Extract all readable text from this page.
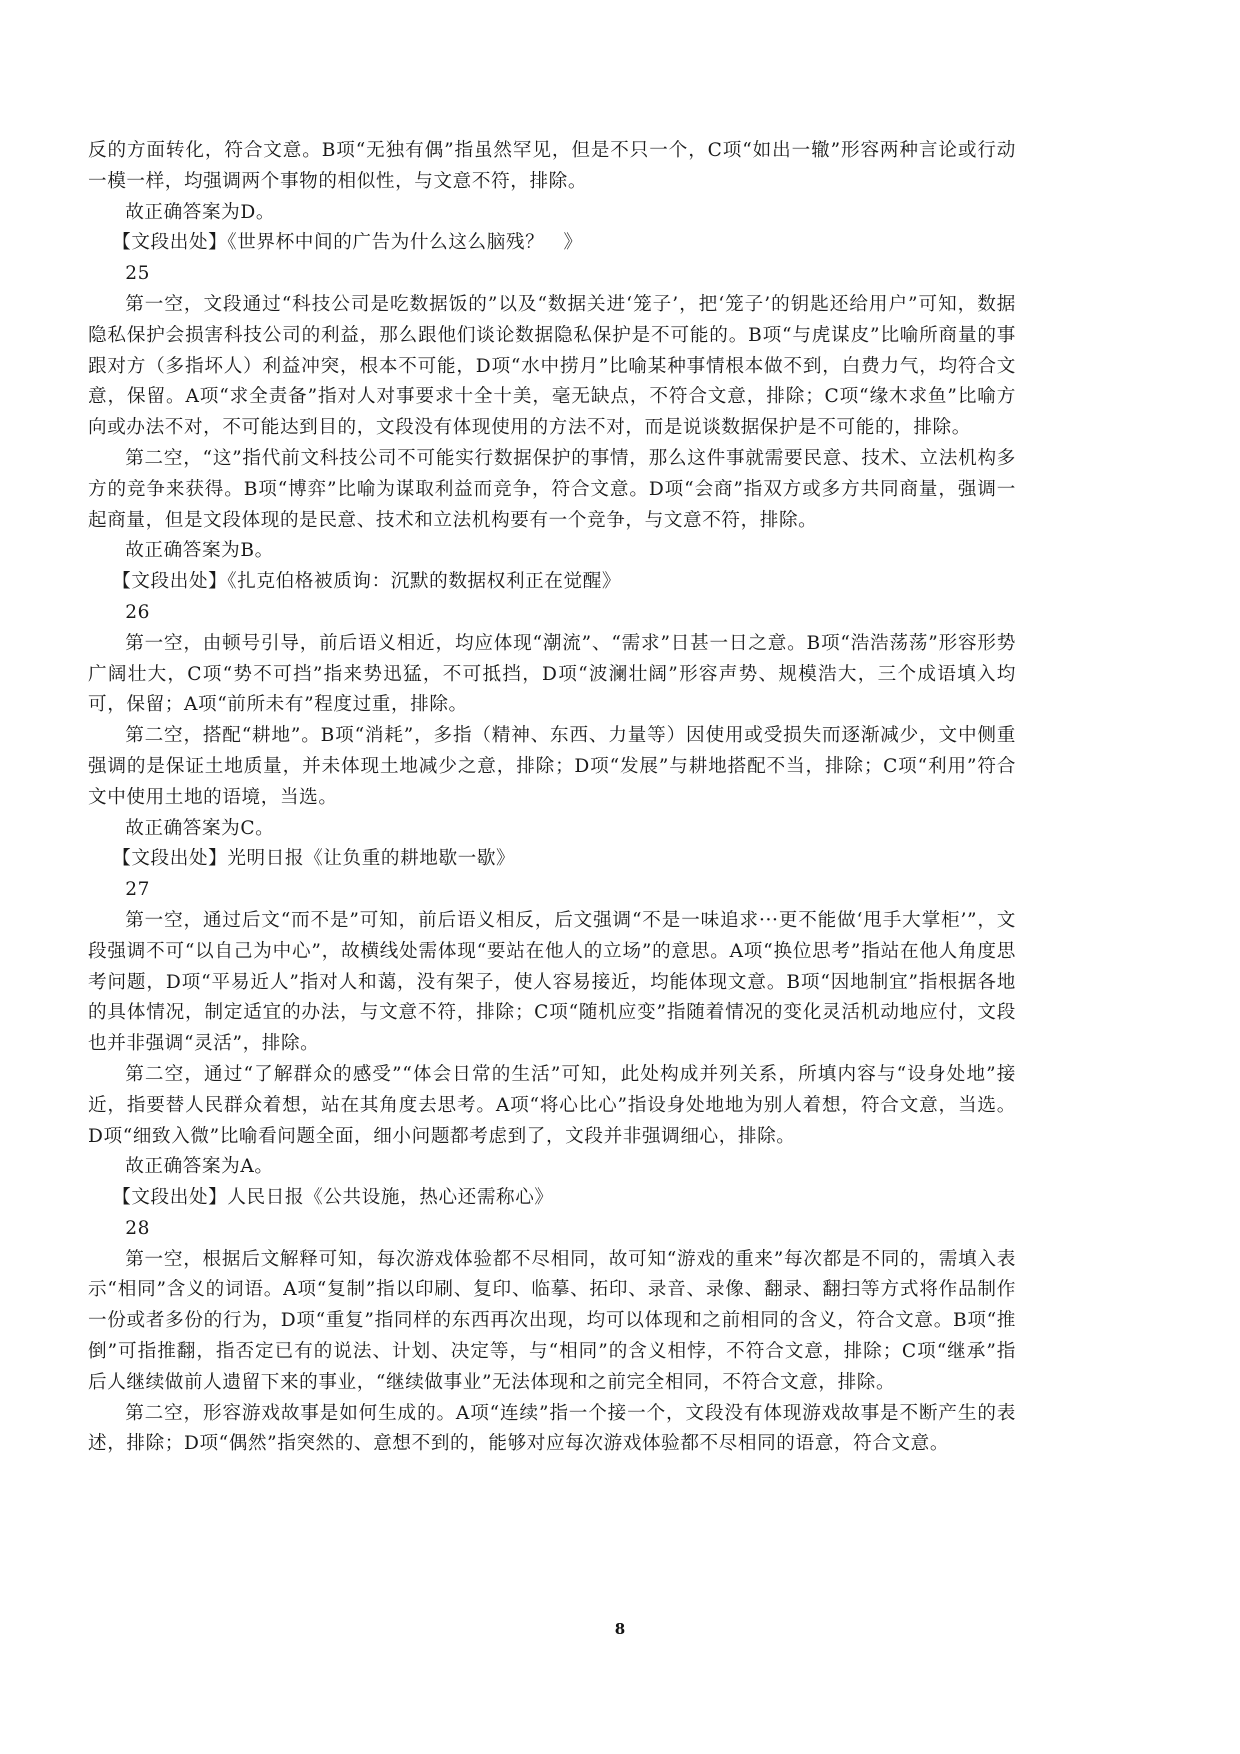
反的方面转化，符合文意。B项“无独有偶”指虽然罕见，但是不只一个，C项“如出一辙”形容两种言论或行动一模一样，均强调两个事物的相似性，与文意不符，排除。

故正确答案为D。

【文段出处】《世界杯中间的广告为什么这么脑残？　》

25

第一空，文段通过“科技公司是吃数据饭的”以及“数据关进‘笼子’，把‘笼子’的钥匙还给用户”可知，数据隐私保护会损害科技公司的利益，那么跟他们谈论数据隐私保护是不可能的。B项“与虎谋皮”比喻所商量的事跟对方（多指坏人）利益冲突，根本不可能，D项“水中捞月”比喻某种事情根本做不到，白费力气，均符合文意，保留。A项“求全责备”指对人对事要求十全十美，毫无缺点，不符合文意，排除；C项“缘木求鱼”比喻方向或办法不对，不可能达到目的，文段没有体现使用的方法不对，而是说谈数据保护是不可能的，排除。

第二空，“这”指代前文科技公司不可能实行数据保护的事情，那么这件事就需要民意、技术、立法机构多方的竞争来获得。B项“博弈”比喻为谋取利益而竞争，符合文意。D项“会商”指双方或多方共同商量，强调一起商量，但是文段体现的是民意、技术和立法机构要有一个竞争，与文意不符，排除。

故正确答案为B。

【文段出处】《扎克伯格被质询：沉默的数据权利正在觉醒》

26

第一空，由顿号引导，前后语义相近，均应体现“潮流”、“需求”日甚一日之意。B项“浩浩荡荡”形容形势广阔壮大，C项“势不可挡”指来势迅猛，不可抵挡，D项“波澜壮阔”形容声势、规模浩大，三个成语填入均可，保留；A项“前所未有”程度过重，排除。

第二空，搭配“耕地”。B项“消耗”，多指（精神、东西、力量等）因使用或受损失而逐渐减少，文中侧重强调的是保证土地质量，并未体现土地减少之意，排除；D项“发展”与耕地搭配不当，排除；C项“利用”符合文中使用土地的语境，当选。

故正确答案为C。

【文段出处】光明日报《让负重的耕地歇一歇》

27

第一空，通过后文“而不是”可知，前后语义相反，后文强调“不是一味追求···更不能做‘甩手大掌柜’”，文段强调不可“以自己为中心”，故横线处需体现“要站在他人的立场”的意思。A项“换位思考”指站在他人角度思考问题，D项“平易近人”指对人和蔼，没有架子，使人容易接近，均能体现文意。B项“因地制宜”指根据各地的具体情况，制定适宜的办法，与文意不符，排除；C项“随机应变”指随着情况的变化灵活机动地应付，文段也并非强调“灵活”，排除。

第二空，通过“了解群众的感受”“体会日常的生活”可知，此处构成并列关系，所填内容与“设身处地”接近，指要替人民群众着想，站在其角度去思考。A项“将心比心”指设身处地地为别人着想，符合文意，当选。D项“细致入微”比喻看问题全面，细小问题都考虑到了，文段并非强调细心，排除。

故正确答案为A。

【文段出处】人民日报《公共设施，热心还需称心》

28

第一空，根据后文解释可知，每次游戏体验都不尽相同，故可知“游戏的重来”每次都是不同的，需填入表示“相同”含义的词语。A项“复制”指以印刷、复印、临摹、拓印、录音、录像、翻录、翻扫等方式将作品制作一份或者多份的行为，D项“重复”指同样的东西再次出现，均可以体现和之前相同的含义，符合文意。B项“推倒”可指推翻，指否定已有的说法、计划、决定等，与“相同”的含义相悖，不符合文意，排除；C项“继承”指后人继续做前人遗留下来的事业，“继续做事业”无法体现和之前完全相同，不符合文意，排除。

第二空，形容游戏故事是如何生成的。A项“连续”指一个接一个，文段没有体现游戏故事是不断产生的表述，排除；D项“偶然”指突然的、意想不到的，能够对应每次游戏体验都不尽相同的语意，符合文意。

8
